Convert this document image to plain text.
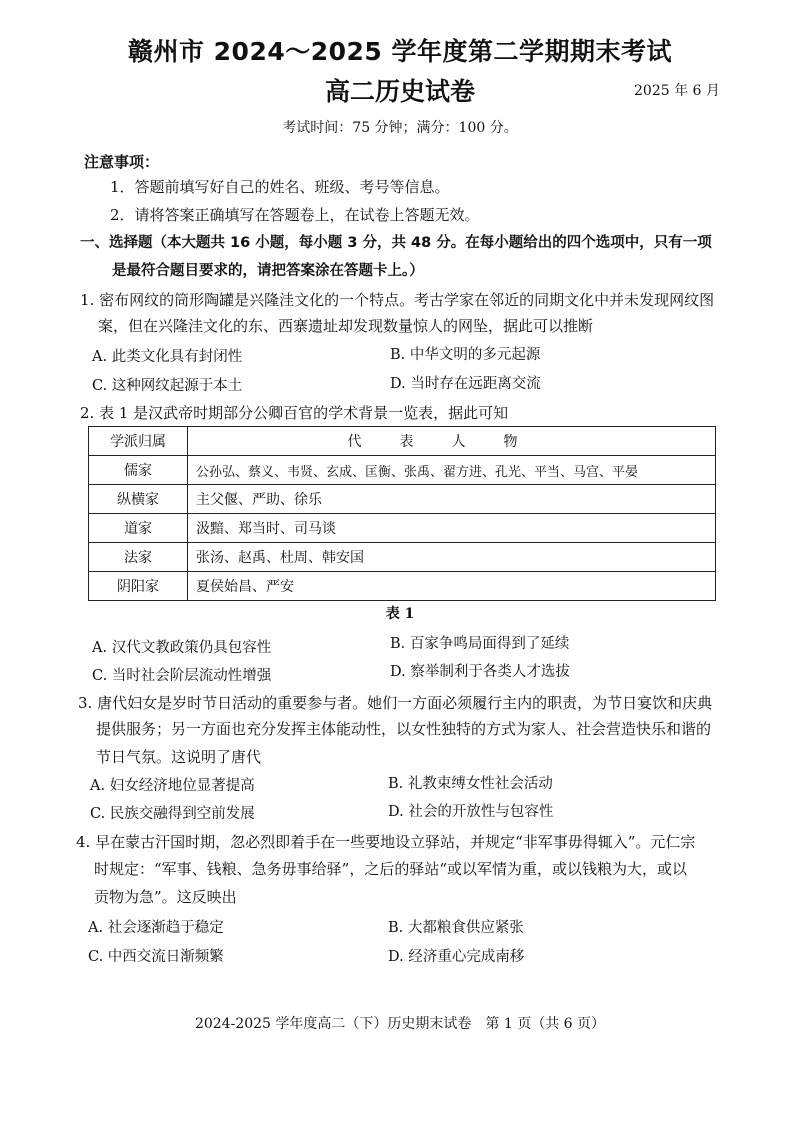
赣州市 2024～2025 学年度第二学期期末考试
高二历史试卷	2025 年 6 月
考试时间：75 分钟；满分：100 分。
注意事项：
1．答题前填写好自己的姓名、班级、考号等信息。
2．请将答案正确填写在答题卷上，在试卷上答题无效。
一、选择题（本大题共 16 小题，每小题 3 分，共 48 分。在每小题给出的四个选项中，只有一项
是最符合题目要求的，请把答案涂在答题卡上。）
1. 密布网纹的筒形陶罐是兴隆洼文化的一个特点。考古学家在邻近的同期文化中并未发现网纹图
案，但在兴隆洼文化的东、西寨遗址却发现数量惊人的网坠，据此可以推断
A. 此类文化具有封闭性	B. 中华文明的多元起源
C. 这种网纹起源于本土	D. 当时存在远距离交流
2. 表 1 是汉武帝时期部分公卿百官的学术背景一览表，据此可知
学派归属	代表人物
儒家	公孙弘、蔡义、韦贤、玄成、匡衡、张禹、翟方进、孔光、平当、马宫、平晏
纵横家	主父偃、严助、徐乐
道家	汲黯、郑当时、司马谈
法家	张汤、赵禹、杜周、韩安国
阴阳家	夏侯始昌、严安
表 1
A. 汉代文教政策仍具包容性	B. 百家争鸣局面得到了延续
C. 当时社会阶层流动性增强	D. 察举制利于各类人才选拔
3. 唐代妇女是岁时节日活动的重要参与者。她们一方面必须履行主内的职责，为节日宴饮和庆典
提供服务；另一方面也充分发挥主体能动性，以女性独特的方式为家人、社会营造快乐和谐的
节日气氛。这说明了唐代
A. 妇女经济地位显著提高	B. 礼教束缚女性社会活动
C. 民族交融得到空前发展	D. 社会的开放性与包容性
4. 早在蒙古汗国时期，忽必烈即着手在一些要地设立驿站，并规定“非军事毋得辄入”。元仁宗
时规定：“军事、钱粮、急务毋事给驿”，之后的驿站“或以军情为重，或以钱粮为大，或以
贡物为急”。这反映出
A. 社会逐渐趋于稳定	B. 大都粮食供应紧张
C. 中西交流日渐频繁	D. 经济重心完成南移
2024-2025 学年度高二（下）历史期末试卷　第 1 页（共 6 页）
